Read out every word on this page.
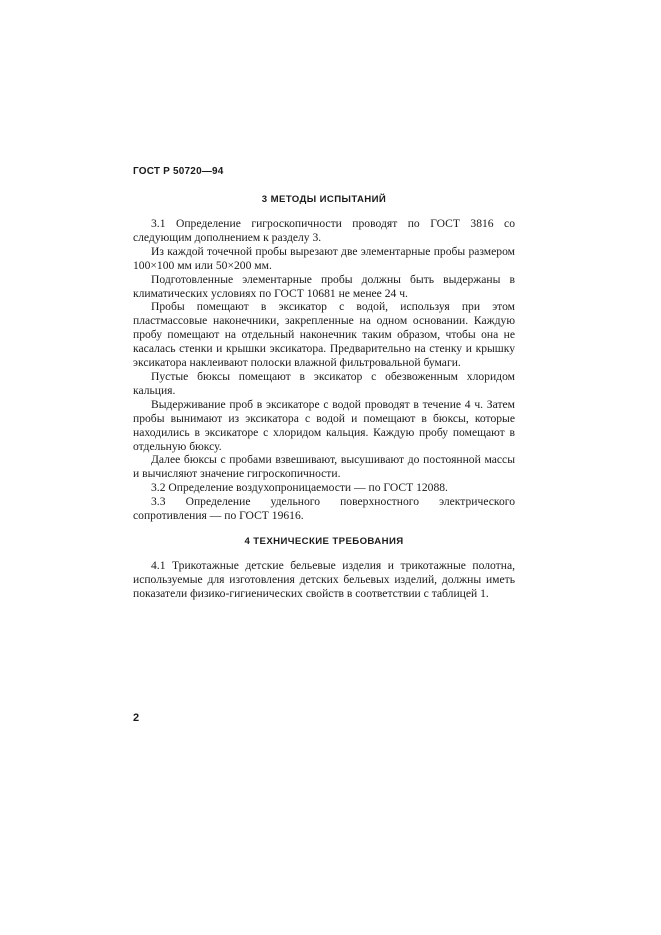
ГОСТ Р 50720—94
3 МЕТОДЫ ИСПЫТАНИЙ

3.1 Определение гигроскопичности проводят по ГОСТ 3816 со следующим дополнением к разделу 3.

Из каждой точечной пробы вырезают две элементарные пробы размером 100×100 мм или 50×200 мм.

Подготовленные элементарные пробы должны быть выдержаны в климатических условиях по ГОСТ 10681 не менее 24 ч.

Пробы помещают в эксикатор с водой, используя при этом пластмассовые наконечники, закрепленные на одном основании. Каждую пробу помещают на отдельный наконечник таким образом, чтобы она не касалась стенки и крышки эксикатора. Предварительно на стенку и крышку эксикатора наклеивают полоски влажной фильтровальной бумаги.

Пустые бюксы помещают в эксикатор с обезвоженным хлоридом кальция.

Выдерживание проб в эксикаторе с водой проводят в течение 4 ч. Затем пробы вынимают из эксикатора с водой и помещают в бюксы, которые находились в эксикаторе с хлоридом кальция. Каждую пробу помещают в отдельную бюксу.

Далее бюксы с пробами взвешивают, высушивают до постоянной массы и вычисляют значение гигроскопичности.

3.2 Определение воздухопроницаемости — по ГОСТ 12088.

3.3 Определение удельного поверхностного электрического сопротивления — по ГОСТ 19616.

4 ТЕХНИЧЕСКИЕ ТРЕБОВАНИЯ

4.1 Трикотажные детские бельевые изделия и трикотажные полотна, используемые для изготовления детских бельевых изделий, должны иметь показатели физико-гигиенических свойств в соответствии с таблицей 1.

2
